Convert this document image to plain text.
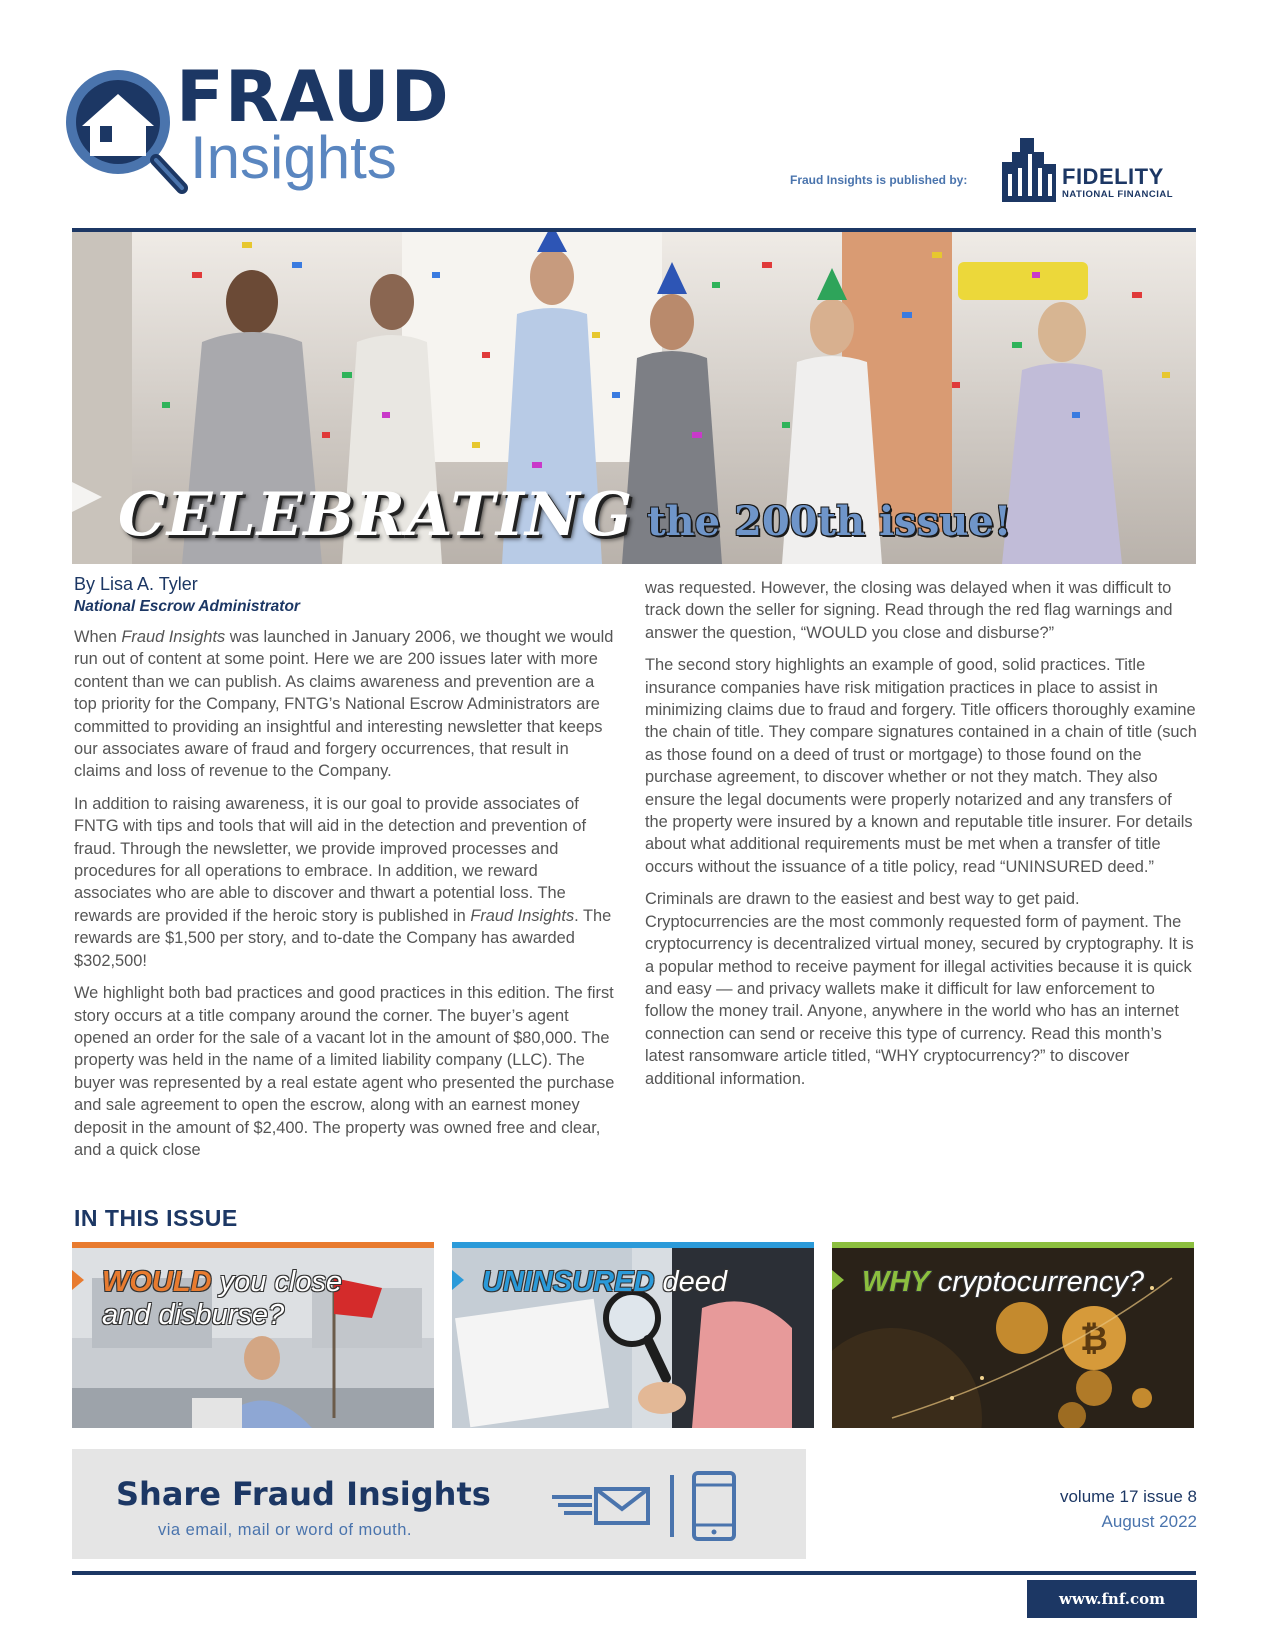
FRAUD
Insights	Fraud Insights is published by:	FIDELITY
NATIONAL FINANCIAL
CELEBRATING the 200th issue!
By Lisa A. Tyler
National Escrow Administrator

When Fraud Insights was launched in January 2006, we thought we would run out of content at some point. Here we are 200 issues later with more content than we can publish. As claims awareness and prevention are a top priority for the Company, FNTG’s National Escrow Administrators are committed to providing an insightful and interesting newsletter that keeps our associates aware of fraud and forgery occurrences, that result in claims and loss of revenue to the Company.

In addition to raising awareness, it is our goal to provide associates of FNTG with tips and tools that will aid in the detection and prevention of fraud. Through the newsletter, we provide improved processes and procedures for all operations to embrace. In addition, we reward associates who are able to discover and thwart a potential loss. The rewards are provided if the heroic story is published in Fraud Insights. The rewards are $1,500 per story, and to-date the Company has awarded $302,500!

We highlight both bad practices and good practices in this edition. The first story occurs at a title company around the corner. The buyer’s agent opened an order for the sale of a vacant lot in the amount of $80,000. The property was held in the name of a limited liability company (LLC). The buyer was represented by a real estate agent who presented the purchase and sale agreement to open the escrow, along with an earnest money deposit in the amount of $2,400. The property was owned free and clear, and a quick close

was requested. However, the closing was delayed when it was difficult to track down the seller for signing. Read through the red flag warnings and answer the question, “WOULD you close and disburse?”

The second story highlights an example of good, solid practices. Title insurance companies have risk mitigation practices in place to assist in minimizing claims due to fraud and forgery. Title officers thoroughly examine the chain of title. They compare signatures contained in a chain of title (such as those found on a deed of trust or mortgage) to those found on the purchase agreement, to discover whether or not they match. They also ensure the legal documents were properly notarized and any transfers of the property were insured by a known and reputable title insurer. For details about what additional requirements must be met when a transfer of title occurs without the issuance of a title policy, read “UNINSURED deed.”

Criminals are drawn to the easiest and best way to get paid. Cryptocurrencies are the most commonly requested form of payment. The cryptocurrency is decentralized virtual money, secured by cryptography. It is a popular method to receive payment for illegal activities because it is quick and easy — and privacy wallets make it difficult for law enforcement to follow the money trail. Anyone, anywhere in the world who has an internet connection can send or receive this type of currency. Read this month’s latest ransomware article titled, “WHY cryptocurrency?” to discover additional information.

IN THIS ISSUE
WOULD you close
and disburse?
UNINSURED deed
₿
WHY cryptocurrency?
Share Fraud Insights
via email, mail or word of mouth.
volume 17 issue 8
August 2022
www.fnf.com
